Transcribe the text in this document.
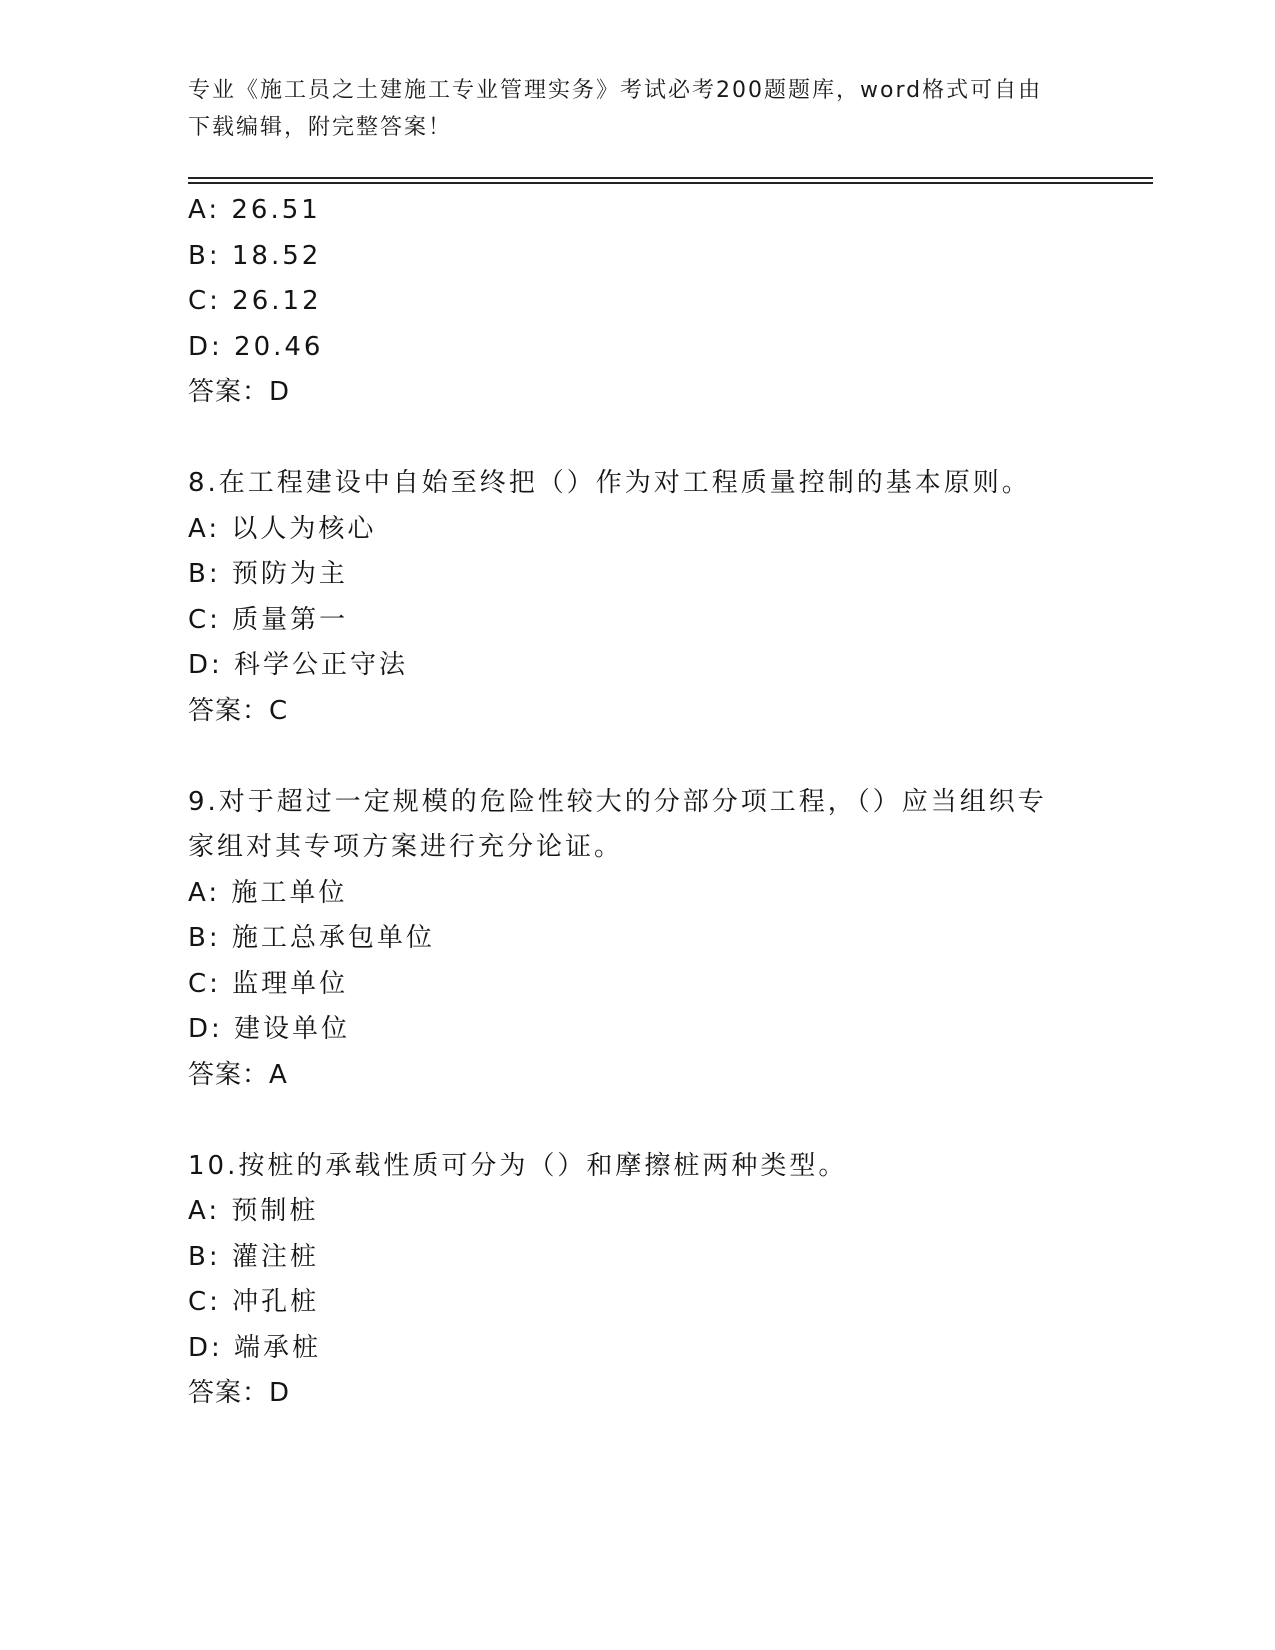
专业《施工员之土建施工专业管理实务》考试必考200题题库，word格式可自由
下载编辑，附完整答案！
A: 26.51
B: 18.52
C: 26.12
D: 20.46
答案：D
8.在工程建设中自始至终把（）作为对工程质量控制的基本原则。
A: 以人为核心
B: 预防为主
C: 质量第一
D: 科学公正守法
答案：C
9.对于超过一定规模的危险性较大的分部分项工程，（）应当组织专
家组对其专项方案进行充分论证。
A: 施工单位
B: 施工总承包单位
C: 监理单位
D: 建设单位
答案：A
10.按桩的承载性质可分为（）和摩擦桩两种类型。
A: 预制桩
B: 灌注桩
C: 冲孔桩
D: 端承桩
答案：D
